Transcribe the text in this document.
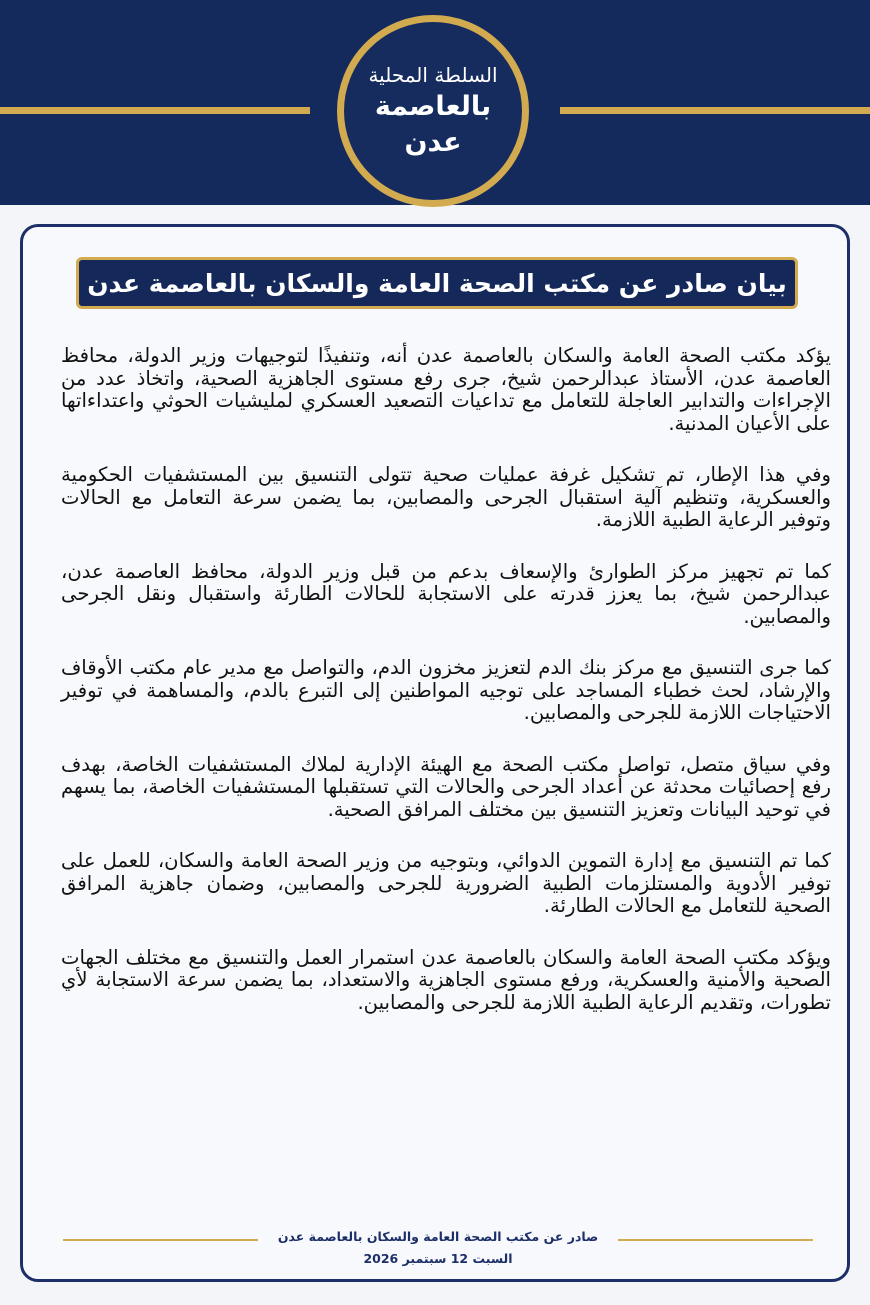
السلطة المحلية
بالعاصمة عدن
بيان صادر عن مكتب الصحة العامة والسكان بالعاصمة عدن

يؤكد مكتب الصحة العامة والسكان بالعاصمة عدن أنه، وتنفيذًا لتوجيهات وزير الدولة، محافظ العاصمة عدن، الأستاذ عبدالرحمن شيخ، جرى رفع مستوى الجاهزية الصحية، واتخاذ عدد من الإجراءات والتدابير العاجلة للتعامل مع تداعيات التصعيد العسكري لمليشيات الحوثي واعتداءاتها على الأعيان المدنية.

وفي هذا الإطار، تم تشكيل غرفة عمليات صحية تتولى التنسيق بين المستشفيات الحكومية والعسكرية، وتنظيم آلية استقبال الجرحى والمصابين، بما يضمن سرعة التعامل مع الحالات وتوفير الرعاية الطبية اللازمة.

كما تم تجهيز مركز الطوارئ والإسعاف بدعم من قبل وزير الدولة، محافظ العاصمة عدن، عبدالرحمن شيخ، بما يعزز قدرته على الاستجابة للحالات الطارئة واستقبال ونقل الجرحى والمصابين.

كما جرى التنسيق مع مركز بنك الدم لتعزيز مخزون الدم، والتواصل مع مدير عام مكتب الأوقاف والإرشاد، لحث خطباء المساجد على توجيه المواطنين إلى التبرع بالدم، والمساهمة في توفير الاحتياجات اللازمة للجرحى والمصابين.

وفي سياق متصل، تواصل مكتب الصحة مع الهيئة الإدارية لملاك المستشفيات الخاصة، بهدف رفع إحصائيات محدثة عن أعداد الجرحى والحالات التي تستقبلها المستشفيات الخاصة، بما يسهم في توحيد البيانات وتعزيز التنسيق بين مختلف المرافق الصحية.

كما تم التنسيق مع إدارة التموين الدوائي، وبتوجيه من وزير الصحة العامة والسكان، للعمل على توفير الأدوية والمستلزمات الطبية الضرورية للجرحى والمصابين، وضمان جاهزية المرافق الصحية للتعامل مع الحالات الطارئة.

ويؤكد مكتب الصحة العامة والسكان بالعاصمة عدن استمرار العمل والتنسيق مع مختلف الجهات الصحية والأمنية والعسكرية، ورفع مستوى الجاهزية والاستعداد، بما يضمن سرعة الاستجابة لأي تطورات، وتقديم الرعاية الطبية اللازمة للجرحى والمصابين.

صادر عن مكتب الصحة العامة والسكان بالعاصمة عدن
السبت 12 سبتمبر 2026
